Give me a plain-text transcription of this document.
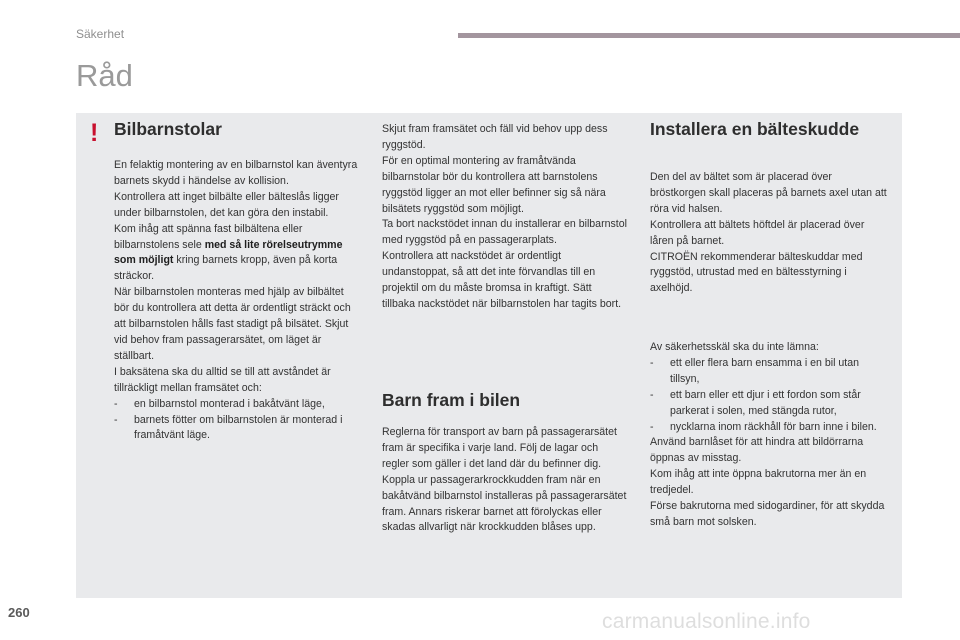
Säkerhet
Råd
! Bilbarnstolar

En felaktig montering av en bilbarnstol kan äventyra barnets skydd i händelse av kollision.

Kontrollera att inget bilbälte eller bälteslås ligger under bilbarnstolen, det kan göra den instabil.

Kom ihåg att spänna fast bilbältena eller bilbarnstolens sele med så lite rörelseutrymme som möjligt kring barnets kropp, även på korta sträckor.

När bilbarnstolen monteras med hjälp av bilbältet bör du kontrollera att detta är ordentligt sträckt och att bilbarnstolen hålls fast stadigt på bilsätet. Skjut vid behov fram passagerarsätet, om läget är ställbart.

I baksätena ska du alltid se till att avståndet är tillräckligt mellan framsätet och:

-	en bilbarnstol monterad i bakåtvänt läge,
-	barnets fötter om bilbarnstolen är monterad i framåtvänt läge.

Skjut fram framsätet och fäll vid behov upp dess ryggstöd.

För en optimal montering av framåtvända bilbarnstolar bör du kontrollera att barnstolens ryggstöd ligger an mot eller befinner sig så nära bilsätets ryggstöd som möjligt.

Ta bort nackstödet innan du installerar en bilbarnstol med ryggstöd på en passagerarplats.

Kontrollera att nackstödet är ordentligt undanstoppat, så att det inte förvandlas till en projektil om du måste bromsa in kraftigt. Sätt tillbaka nackstödet när bilbarnstolen har tagits bort.

Barn fram i bilen

Reglerna för transport av barn på passagerarsätet fram är specifika i varje land. Följ de lagar och regler som gäller i det land där du befinner dig.

Koppla ur passagerarkrockkudden fram när en bakåtvänd bilbarnstol installeras på passagerarsätet fram. Annars riskerar barnet att förolyckas eller skadas allvarligt när krockkudden blåses upp.

Installera en bälteskudde

Den del av bältet som är placerad över bröstkorgen skall placeras på barnets axel utan att röra vid halsen.

Kontrollera att bältets höftdel är placerad över låren på barnet.

CITROËN rekommenderar bälteskuddar med ryggstöd, utrustad med en bältesstyrning i axelhöjd.

Av säkerhetsskäl ska du inte lämna:

-	ett eller flera barn ensamma i en bil utan tillsyn,
-	ett barn eller ett djur i ett fordon som står parkerat i solen, med stängda rutor,
-	nycklarna inom räckhåll för barn inne i bilen.

Använd barnlåset för att hindra att bildörrarna öppnas av misstag.

Kom ihåg att inte öppna bakrutorna mer än en tredjedel.

Förse bakrutorna med sidogardiner, för att skydda små barn mot solsken.

260	carmanualsonline.info
